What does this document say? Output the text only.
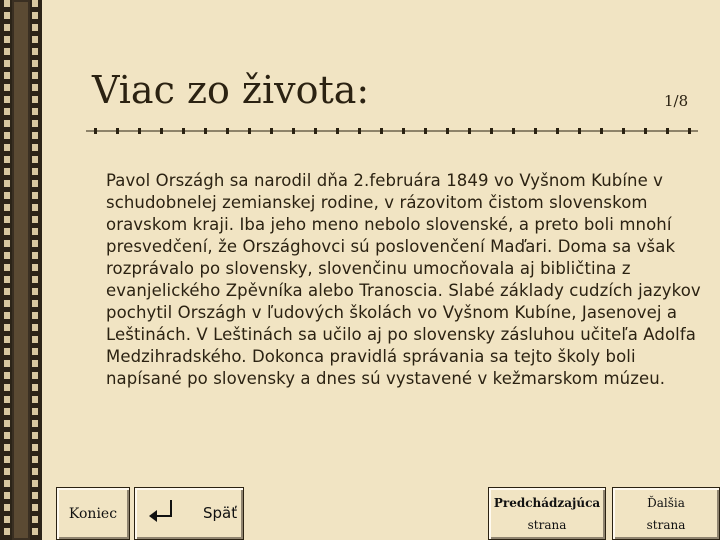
Viac zo života:	1/8
Pavol Országh sa narodil dňa 2.februára 1849 vo Vyšnom Kubíne v schudobnelej zemianskej rodine, v rázovitom čistom slovenskom oravskom kraji. Iba jeho meno nebolo slovenské, a preto boli mnohí presvedčení, že Országhovci sú poslovenčení Maďari. Doma sa však rozprávalo po slovensky, slovenčinu umocňovala aj bibličtina z evanjelického Zpěvníka alebo Tranoscia. Slabé základy cudzích jazykov pochytil Országh v ľudových školách vo Vyšnom Kubíne, Jasenovej a Leštinách. V Leštinách sa učilo aj po slovensky zásluhou učiteľa Adolfa Medzihradského. Dokonca pravidlá správania sa tejto školy boli napísané po slovensky a dnes sú vystavené v kežmarskom múzeu.
Koniec	Späť
Predchádzajúca
strana
Ďalšia
strana
